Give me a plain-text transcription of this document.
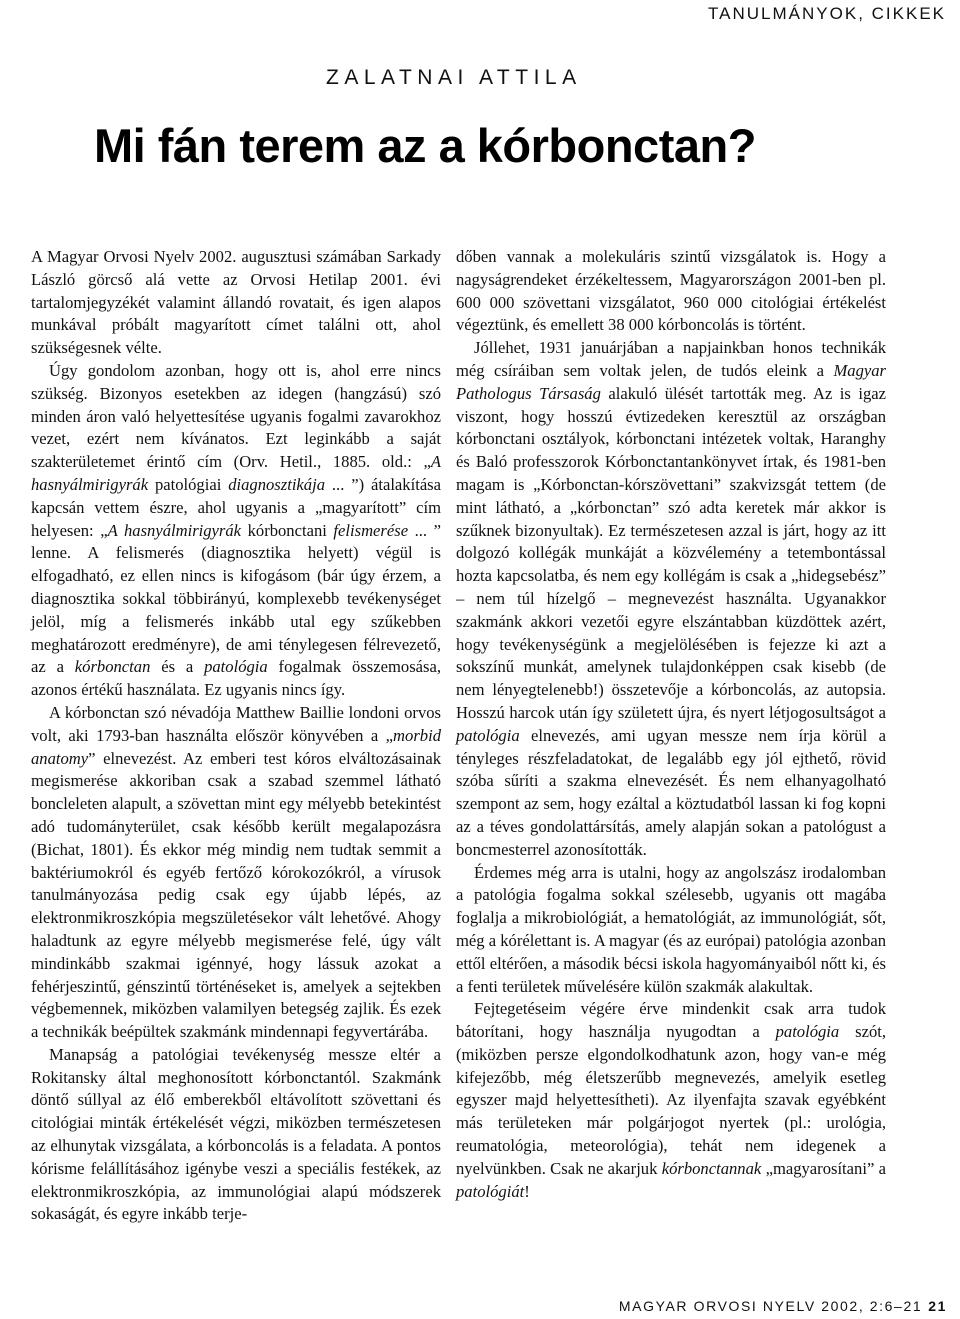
TANULMÁNYOK, CIKKEK
ZALATNAI ATTILA
Mi fán terem az a kórbonctan?

A Magyar Orvosi Nyelv 2002. augusztusi számában Sarkady László görcső alá vette az Orvosi Hetilap 2001. évi tartalomjegyzékét valamint állandó rovatait, és igen alapos munkával próbált magyarított címet találni ott, ahol szükségesnek vélte.

Úgy gondolom azonban, hogy ott is, ahol erre nincs szükség. Bizonyos esetekben az idegen (hangzású) szó minden áron való helyettesítése ugyanis fogalmi zavarokhoz vezet, ezért nem kívánatos. Ezt leginkább a saját szakterületemet érintő cím (Orv. Hetil., 1885. old.: „A hasnyálmirigyrák patológiai diagnosztikája ... ”) átalakítása kapcsán vettem észre, ahol ugyanis a „magyarított” cím helyesen: „A hasnyálmirigyrák kórbonctani felismerése ... ” lenne. A felismerés (diagnosztika helyett) végül is elfogadható, ez ellen nincs is kifogásom (bár úgy érzem, a diagnosztika sokkal többirányú, komplexebb tevékenységet jelöl, míg a felismerés inkább utal egy szűkebben meghatározott eredményre), de ami ténylegesen félrevezető, az a kórbonctan és a patológia fogalmak összemosása, azonos értékű használata. Ez ugyanis nincs így.

A kórbonctan szó névadója Matthew Baillie londoni orvos volt, aki 1793-ban használta először könyvében a „morbid anatomy” elnevezést. Az emberi test kóros elváltozásainak megismerése akkoriban csak a szabad szemmel látható boncleleten alapult, a szövettan mint egy mélyebb betekintést adó tudományterület, csak később került megalapozásra (Bichat, 1801). És ekkor még mindig nem tudtak semmit a baktériumokról és egyéb fertőző kórokozókról, a vírusok tanulmányozása pedig csak egy újabb lépés, az elektronmikroszkópia megszületésekor vált lehetővé. Ahogy haladtunk az egyre mélyebb megismerése felé, úgy vált mindinkább szakmai igénnyé, hogy lássuk azokat a fehérjeszintű, génszintű történéseket is, amelyek a sejtekben végbemennek, miközben valamilyen betegség zajlik. És ezek a technikák beépültek szakmánk mindennapi fegyvertárába.

Manapság a patológiai tevékenység messze eltér a Rokitansky által meghonosított kórbonctantól. Szakmánk döntő súllyal az élő emberekből eltávolított szövettani és citológiai minták értékelését végzi, miközben természetesen az elhunytak vizsgálata, a kórboncolás is a feladata. A pontos kórisme felállításához igénybe veszi a speciális festékek, az elektronmikroszkópia, az immunológiai alapú módszerek sokaságát, és egyre inkább terje-

dőben vannak a molekuláris szintű vizsgálatok is. Hogy a nagyságrendeket érzékeltessem, Magyarországon 2001-ben pl. 600 000 szövettani vizsgálatot, 960 000 citológiai értékelést végeztünk, és emellett 38 000 kórboncolás is történt.

Jóllehet, 1931 januárjában a napjainkban honos technikák még csíráiban sem voltak jelen, de tudós eleink a Magyar Pathologus Társaság alakuló ülését tartották meg. Az is igaz viszont, hogy hosszú évtizedeken keresztül az országban kórbonctani osztályok, kórbonctani intézetek voltak, Haranghy és Baló professzorok Kórbonctantankönyvet írtak, és 1981-ben magam is „Kórbonctan-kórszövettani” szakvizsgát tettem (de mint látható, a „kórbonctan” szó adta keretek már akkor is szűknek bizonyultak). Ez természetesen azzal is járt, hogy az itt dolgozó kollégák munkáját a közvélemény a tetembontással hozta kapcsolatba, és nem egy kollégám is csak a „hidegsebész” – nem túl hízelgő – megnevezést használta. Ugyanakkor szakmánk akkori vezetői egyre elszántabban küzdöttek azért, hogy tevékenységünk a megjelölésében is fejezze ki azt a sokszínű munkát, amelynek tulajdonképpen csak kisebb (de nem lényegtelenebb!) összetevője a kórboncolás, az autopsia. Hosszú harcok után így született újra, és nyert létjogosultságot a patológia elnevezés, ami ugyan messze nem írja körül a tényleges részfeladatokat, de legalább egy jól ejthető, rövid szóba sűríti a szakma elnevezését. És nem elhanyagolható szempont az sem, hogy ezáltal a köztudatból lassan ki fog kopni az a téves gondolattársítás, amely alapján sokan a patológust a boncmesterrel azonosították.

Érdemes még arra is utalni, hogy az angolszász irodalomban a patológia fogalma sokkal szélesebb, ugyanis ott magába foglalja a mikrobiológiát, a hematológiát, az immunológiát, sőt, még a kórélettant is. A magyar (és az európai) patológia azonban ettől eltérően, a második bécsi iskola hagyományaiból nőtt ki, és a fenti területek művelésére külön szakmák alakultak.

Fejtegetéseim végére érve mindenkit csak arra tudok bátorítani, hogy használja nyugodtan a patológia szót, (miközben persze elgondolkodhatunk azon, hogy van-e még kifejezőbb, még életszerűbb megnevezés, amelyik esetleg egyszer majd helyettesítheti). Az ilyenfajta szavak egyébként más területeken már polgárjogot nyertek (pl.: urológia, reumatológia, meteorológia), tehát nem idegenek a nyelvünkben. Csak ne akarjuk kórbonctannak „magyarosítani” a patológiát!

MAGYAR ORVOSI NYELV 2002, 2:6–21 21
